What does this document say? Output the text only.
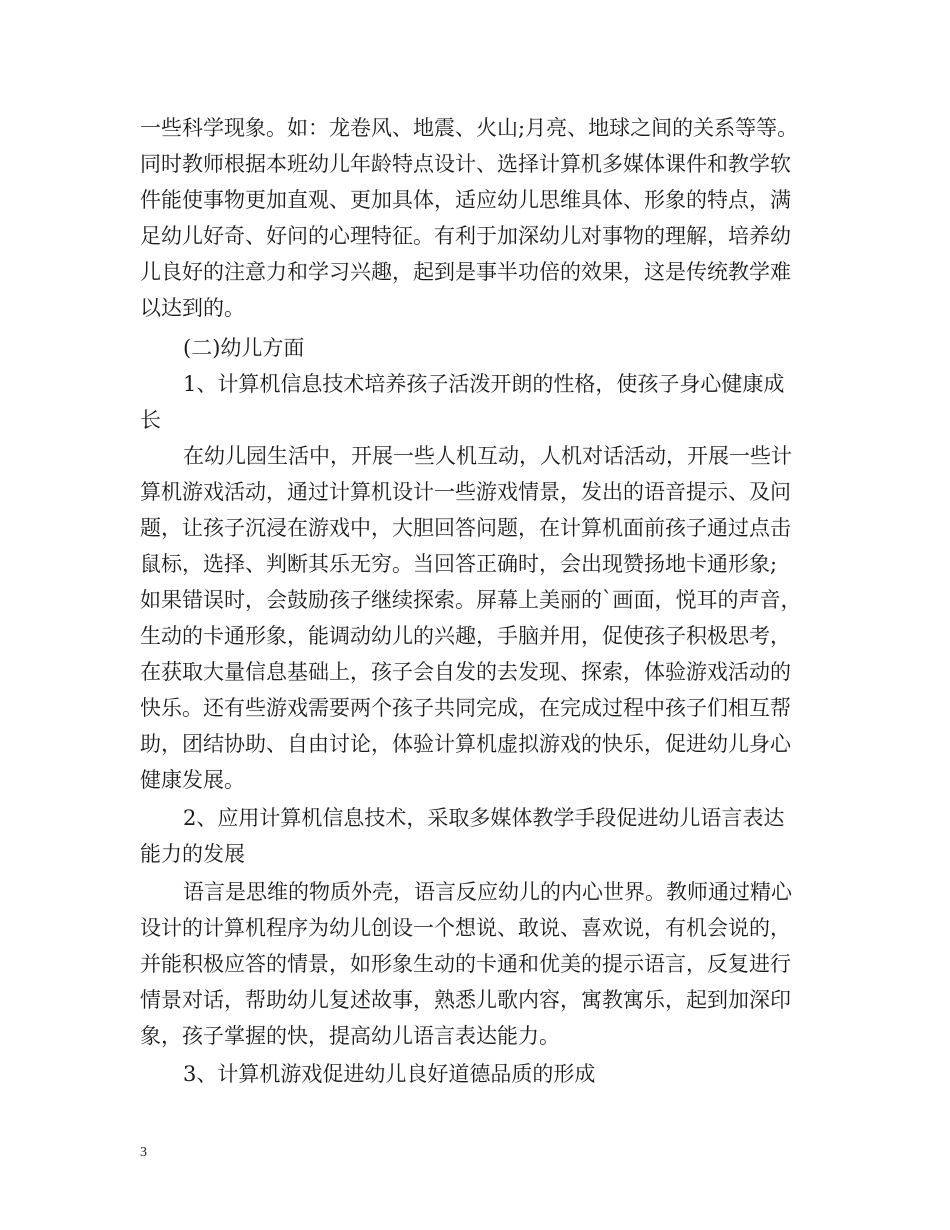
一些科学现象。如：龙卷风、地震、火山;月亮、地球之间的关系等等。
同时教师根据本班幼儿年龄特点设计、选择计算机多媒体课件和教学软
件能使事物更加直观、更加具体，适应幼儿思维具体、形象的特点，满
足幼儿好奇、好问的心理特征。有利于加深幼儿对事物的理解，培养幼
儿良好的注意力和学习兴趣，起到是事半功倍的效果，这是传统教学难
以达到的。
(二)幼儿方面
1、计算机信息技术培养孩子活泼开朗的性格，使孩子身心健康成
长
在幼儿园生活中，开展一些人机互动，人机对话活动，开展一些计
算机游戏活动，通过计算机设计一些游戏情景，发出的语音提示、及问
题，让孩子沉浸在游戏中，大胆回答问题，在计算机面前孩子通过点击
鼠标，选择、判断其乐无穷。当回答正确时，会出现赞扬地卡通形象;
如果错误时，会鼓励孩子继续探索。屏幕上美丽的`画面，悦耳的声音，
生动的卡通形象，能调动幼儿的兴趣，手脑并用，促使孩子积极思考，
在获取大量信息基础上，孩子会自发的去发现、探索，体验游戏活动的
快乐。还有些游戏需要两个孩子共同完成，在完成过程中孩子们相互帮
助，团结协助、自由讨论，体验计算机虚拟游戏的快乐，促进幼儿身心
健康发展。
2、应用计算机信息技术，采取多媒体教学手段促进幼儿语言表达
能力的发展
语言是思维的物质外壳，语言反应幼儿的内心世界。教师通过精心
设计的计算机程序为幼儿创设一个想说、敢说、喜欢说，有机会说的，
并能积极应答的情景，如形象生动的卡通和优美的提示语言，反复进行
情景对话，帮助幼儿复述故事，熟悉儿歌内容，寓教寓乐，起到加深印
象，孩子掌握的快，提高幼儿语言表达能力。
3、计算机游戏促进幼儿良好道德品质的形成
3
